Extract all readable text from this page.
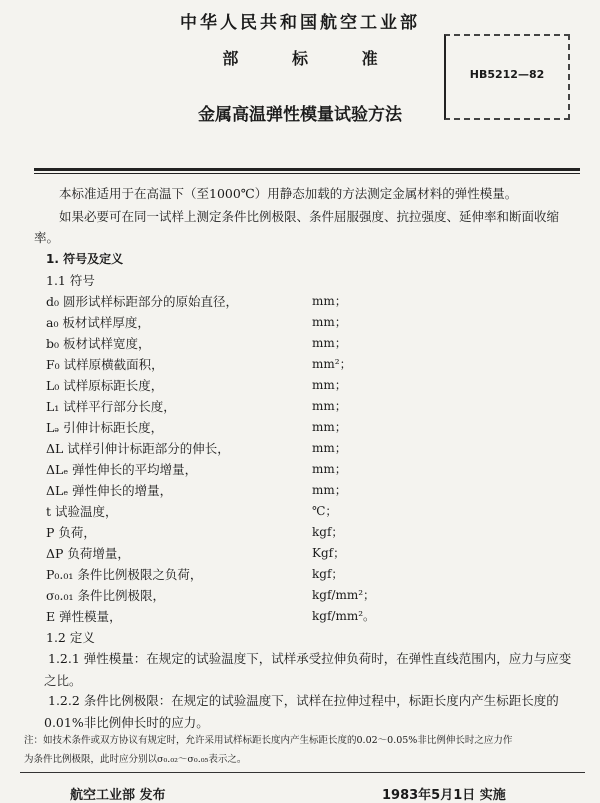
中华人民共和国航空工业部
部	标	准
HB5212—82
金属高温弹性模量试验方法
本标准适用于在高温下（至1000℃）用静态加载的方法测定金属材料的弹性模量。
如果必要可在同一试样上测定条件比例极限、条件屈服强度、抗拉强度、延伸率和断面收缩率。
1. 符号及定义
1.1 符号
d₀ 圆形试样标距部分的原始直径，	mm；
a₀ 板材试样厚度，	mm；
b₀ 板材试样宽度，	mm；
F₀ 试样原横截面积，	mm²；
L₀ 试样原标距长度，	mm；
L₁ 试样平行部分长度，	mm；
Lₔ 引伸计标距长度，	mm；
ΔL 试样引伸计标距部分的伸长，	mm；
ΔLₑ 弹性伸长的平均增量，	mm；
ΔLₑ 弹性伸长的增量，	mm；
t 试验温度，	℃；
P 负荷，	kgf；
ΔP 负荷增量，	Kgf；
P₀.₀₁ 条件比例极限之负荷，	kgf；
σ₀.₀₁ 条件比例极限，	kgf/mm²；
E 弹性模量，	kgf/mm²。
1.2 定义
1.2.1 弹性模量：在规定的试验温度下，试样承受拉伸负荷时，在弹性直线范围内，应力与应变之比。
1.2.2 条件比例极限：在规定的试验温度下，试样在拉伸过程中，标距长度内产生标距长度的0.01%非比例伸长时的应力。
注：如技术条件或双方协议有规定时，允许采用试样标距长度内产生标距长度的0.02～0.05%非比例伸长时之应力作
为条件比例极限，此时应分别以σ₀.₀₂～σ₀.₀₅表示之。
航空工业部 发布	1983年5月1日 实施
